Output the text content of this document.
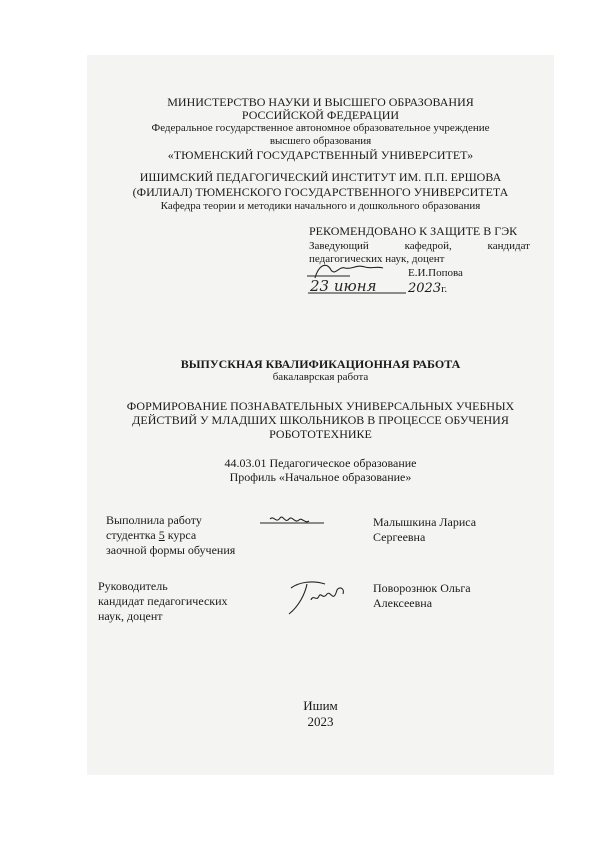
МИНИСТЕРСТВО НАУКИ И ВЫСШЕГО ОБРАЗОВАНИЯ
РОССИЙСКОЙ ФЕДЕРАЦИИ
Федеральное государственное автономное образовательное учреждение
высшего образования
«ТЮМЕНСКИЙ ГОСУДАРСТВЕННЫЙ УНИВЕРСИТЕТ»
ИШИМСКИЙ ПЕДАГОГИЧЕСКИЙ ИНСТИТУТ ИМ. П.П. ЕРШОВА
(ФИЛИАЛ) ТЮМЕНСКОГО ГОСУДАРСТВЕННОГО УНИВЕРСИТЕТА
Кафедра теории и методики начального и дошкольного образования
РЕКОМЕНДОВАНО К ЗАЩИТЕ В ГЭК
Заведующий кафедрой, кандидат
педагогических наук, доцент
Е.И.Попова
23 июня	2023г.
ВЫПУСКНАЯ КВАЛИФИКАЦИОННАЯ РАБОТА
бакалаврская работа
ФОРМИРОВАНИЕ ПОЗНАВАТЕЛЬНЫХ УНИВЕРСАЛЬНЫХ УЧЕБНЫХ
ДЕЙСТВИЙ У МЛАДШИХ ШКОЛЬНИКОВ В ПРОЦЕССЕ ОБУЧЕНИЯ
РОБОТОТЕХНИКЕ
44.03.01 Педагогическое образование
Профиль «Начальное образование»
Выполнила работу
студентка 5 курса
заочной формы обучения
Малышкина Лариса
Сергеевна
Руководитель
кандидат педагогических
наук, доцент
Поворознюк Ольга
Алексеевна
Ишим
2023
